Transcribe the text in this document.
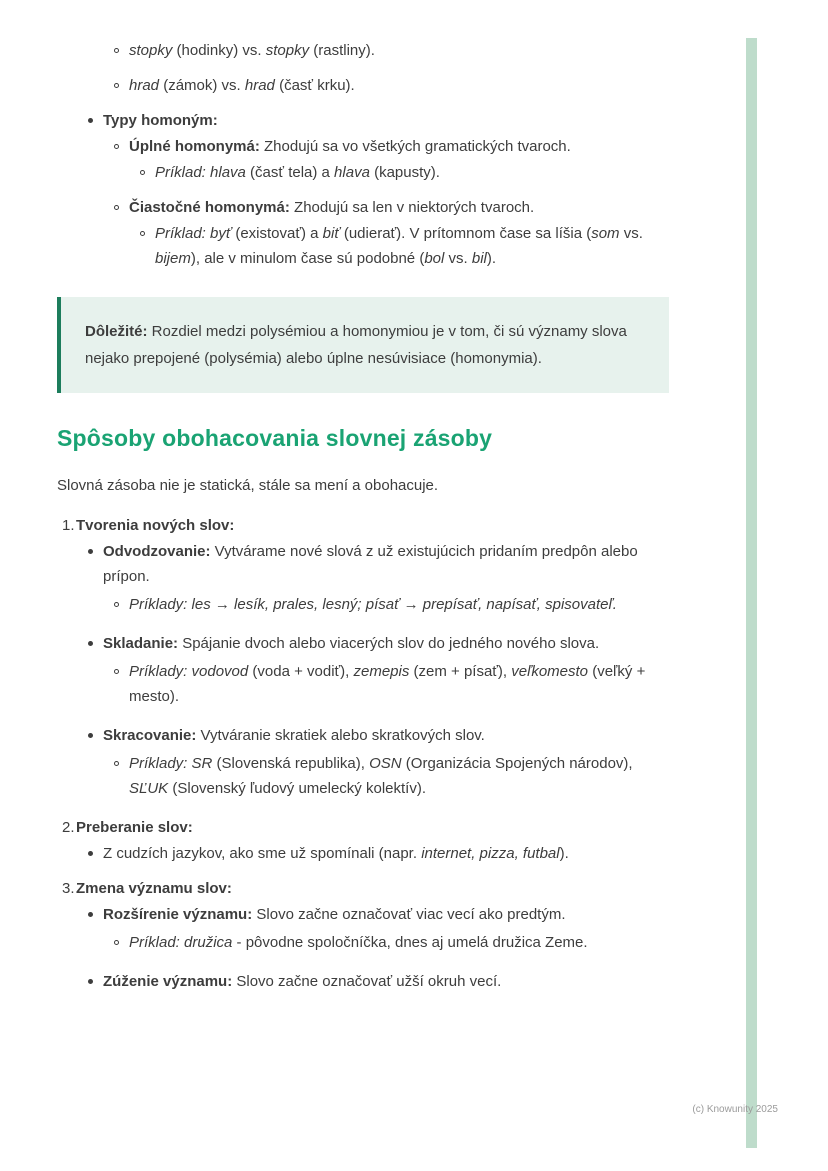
stopky (hodinky) vs. stopky (rastliny).
hrad (zámok) vs. hrad (časť krku).
Typy homoným:
Úplné homonymá: Zhodujú sa vo všetkých gramatických tvaroch.
Príklad: hlava (časť tela) a hlava (kapusty).
Čiastočné homonymá: Zhodujú sa len v niektorých tvaroch.
Príklad: byť (existovať) a biť (udierať). V prítomnom čase sa líšia (som vs. bijem), ale v minulom čase sú podobné (bol vs. bil).
Dôležité: Rozdiel medzi polysémiou a homonymiou je v tom, či sú významy slova nejako prepojené (polysémia) alebo úplne nesúvisiace (homonymia).
Spôsoby obohacovania slovnej zásoby

Slovná zásoba nie je statická, stále sa mení a obohacuje.

1. Tvorenia nových slov:
Odvodzovanie: Vytvárame nové slová z už existujúcich pridaním predpôn alebo prípon.
Príklady: les → lesík, prales, lesný; písať → prepísať, napísať, spisovateľ.
Skladanie: Spájanie dvoch alebo viacerých slov do jedného nového slova.
Príklady: vodovod (voda + vodiť), zemepis (zem + písať), veľkomesto (veľký + mesto).
Skracovanie: Vytváranie skratiek alebo skratkových slov.
Príklady: SR (Slovenská republika), OSN (Organizácia Spojených národov), SĽUK (Slovenský ľudový umelecký kolektív).
2. Preberanie slov:
Z cudzích jazykov, ako sme už spomínali (napr. internet, pizza, futbal).
3. Zmena významu slov:
Rozšírenie významu: Slovo začne označovať viac vecí ako predtým.
Príklad: družica - pôvodne spoločníčka, dnes aj umelá družica Zeme.
Zúženie významu: Slovo začne označovať užší okruh vecí.
(c) Knowunity 2025
